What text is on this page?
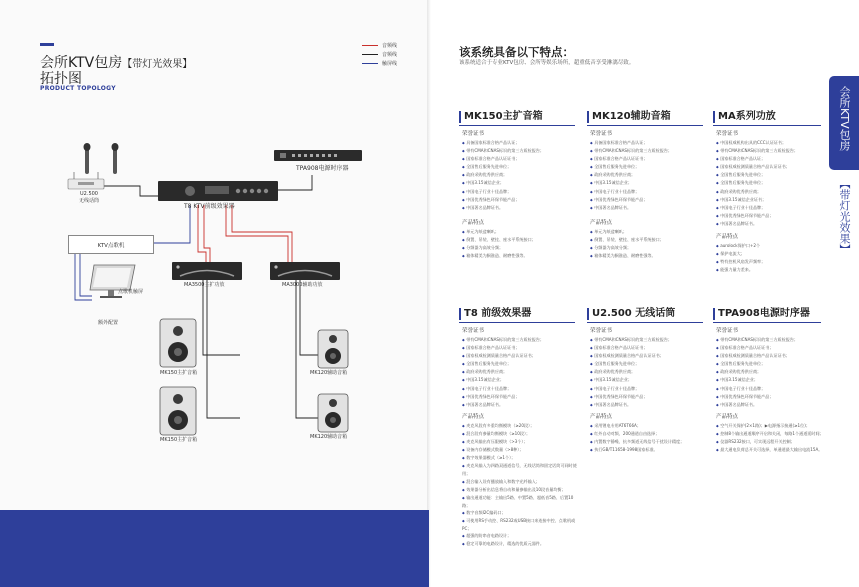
会所KTV包房【带灯光效果】
拓扑图
PRODUCT TOPOLOGY
音频线
音频线
触屏线
U2.500
无线话筒
TPA908电源时序器
T8 KTV前级效果器
KTV点歌机
点歌机触屏
额外配置
MA3500主扩功放	MA3000辅助功放
MK150主扩音箱
MK150主扩音箱
MK120辅助音箱
MK120辅助音箱
该系统具备以下特点：
该系统适合于专业KTV包房、会所等娱乐场所，超重低音享受淋漓尽致。
会所KTV包房
【带灯光效果】
MK150主扩音箱
荣誉证书
◆ 具备国家标准合格产品认证；
◆ 带有CMA和CNAS标识的第三方质检报告；
◆ 国家标准合格产品认证证书；
◆ 全国售后服务先进单位；
◆ 政府采购优秀供应商；
◆ 中国3.15诚信企业；
◆ 中国电子行业十佳品牌；
◆ 中国优秀绿色环保节能产品；
◆ 中国著名品牌证书。
产品特点
◆ 单元为纸盆喇叭；
◆ 倒置、吊装、壁挂、座水平系统接口；
◆ 分频器为高效分频；
◆ 箱体精美为胴涨造、耐磨性强等。
MK120辅助音箱
荣誉证书
◆ 具备国家标准合格产品认证；
◆ 带有CMA和CNAS标识的第三方质检报告；
◆ 国家标准合格产品认证证书；
◆ 全国售后服务先进单位；
◆ 政府采购优秀供应商；
◆ 中国3.15诚信企业；
◆ 中国电子行业十佳品牌；
◆ 中国优秀绿色环保节能产品；
◆ 中国著名品牌证书。
产品特点
◆ 单元为纸盆喇叭；
◆ 倒置、吊装、壁挂、座水平系统接口；
◆ 分频器为高效分频；
◆ 箱体精美为胴涨造、耐磨性强等。
MA系列功放
荣誉证书
◆ 中国权威机构出具的CCC认证证书；
◆ 带有CMA和CNAS标识的第三方质检报告；
◆ 国家标准合格产品认证；
◆ 国家权威检测质量合格产品认证证书；
◆ 全国售后服务先进单位；
◆ 全国售后服务先进单位；
◆ 政府采购优秀供应商；
◆ 中国3.15诚信企业证书；
◆ 中国电子行业十佳品牌；
◆ 中国优秀绿色环保节能产品；
◆ 中国著名品牌证书。
产品特点
◆ aurolock保护口+2个
◆ 保护电流大；
◆ 特有控机风扇发声频率；
◆ 能强力量力差来。
T8 前级效果器
荣誉证书
◆ 带有CMA和CNAS标识的第三方质检报告；
◆ 国家标准合格产品认证证书；
◆ 国家权威检测质量合格产品认证证书；
◆ 全国售后服务先进单位；
◆ 政府采购优秀供应商；
◆ 中国3.15诚信企业；
◆ 中国电子行业十佳品牌；
◆ 中国优秀绿色环保节能产品；
◆ 中国著名品牌证书。
产品特点
◆ 麦克风段有多重均衡模块（≥20段）；
◆ 混合段有参量均衡模块（≥10段）；
◆ 麦克风输出有压限模块（>3个）；
◆ 设备内存储模式数量（>8种）；
◆ 数字效果器模式（≥1个）；
◆ 麦克风输入为四路双通道信号，无线话筒和固定话筒可同时使用；
◆ 混合输入设有播放输入和数字光纤输入；
◆ 效果器分析出信息将自动和量参输出及10段音量均衡；
◆ 输出通道功能：主输出5路、中置5路、超低音5路、后置10路；
◆ 数字音频I2C编码口；
◆ 可使用RS手动控、RS232或USB接口来连接中控、点歌机或PC；
◆ 超强的防串音电路设计；
◆ 稳定可靠的电路设计，精选的优质元器件。
U2.500 无线话筒
荣誉证书
◆ 带有CMA和CNAS标识的第三方质检报告；
◆ 国家标准合格产品认证证书；
◆ 国家权威检测质量合格产品认证证书；
◆ 全国售后服务先进单位；
◆ 政府采购优秀供应商；
◆ 中国3.15诚信企业；
◆ 中国电子行业十佳品牌；
◆ 中国优秀绿色环保节能产品；
◆ 中国著名品牌证书。
产品特点
◆ 采用锂电专用AT6T66A；
◆ 红外自动对频、200通道自由选择；
◆ 内置数字静噪、抗多频道无线信号干扰设计精度；
◆ 执行GB/T11658-1998国家标准。
TPA908电源时序器
荣誉证书
◆ 带有CMA和CNAS标识的第三方质检报告；
◆ 国家标准合格产品认证证书；
◆ 国家权威检测质量合格产品认证证书；
◆ 全国售后服务先进单位；
◆ 政府采购优秀供应商；
◆ 中国3.15诚信企业；
◆ 中国电子行业十佳品牌；
◆ 中国优秀绿色环保节能产品；
◆ 中国著名品牌证书。
产品特点
◆ 空气开关保护(2×1路)；▶电源指示接通(≥1位)；
◆ 控制8个输出通道顺序开启和关闭，每路1个通道延时间；
◆ 仪器RS232接口，可实现远程开关控制；
◆ 最大通电负荷总开关可选择，单通道最大输出电流15A。
